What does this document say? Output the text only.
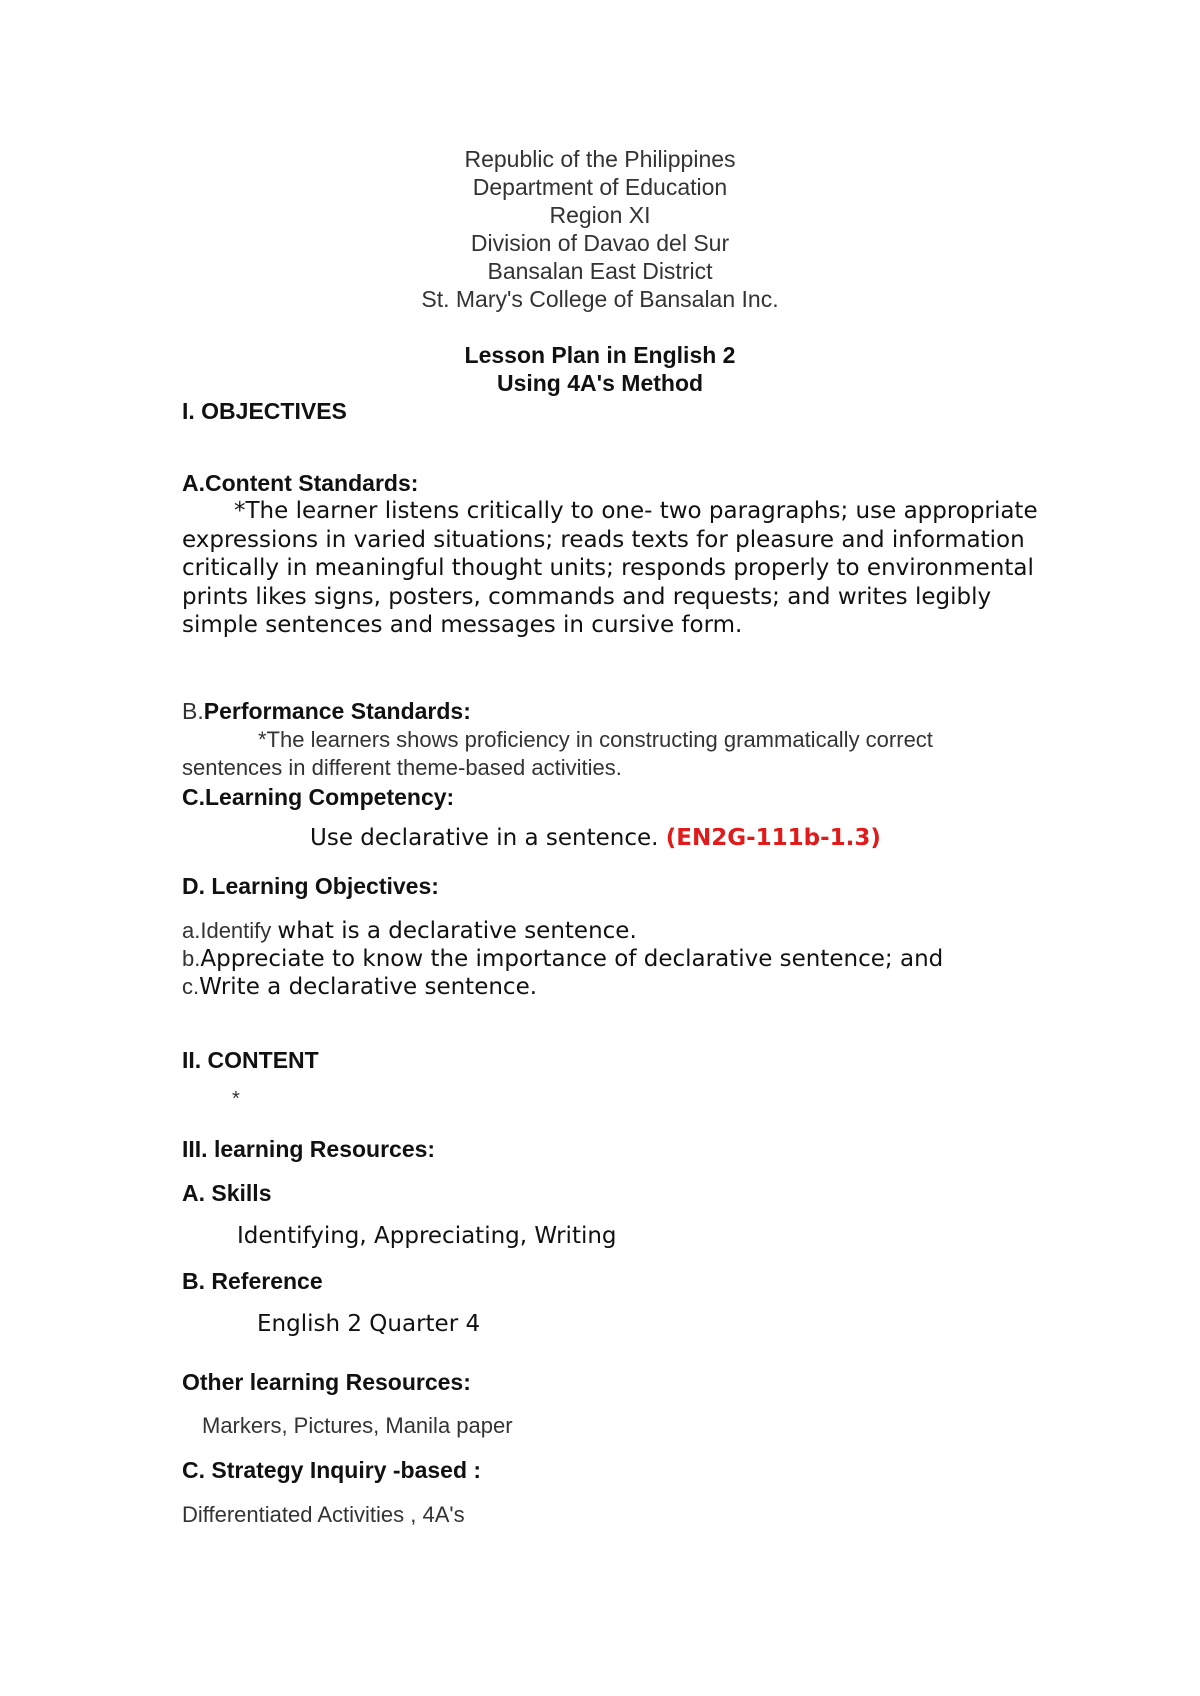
Republic of the Philippines
Department of Education
Region XI
Division of Davao del Sur
Bansalan East District
St. Mary's College of Bansalan Inc.
Lesson Plan in English 2
Using 4A's Method
I. OBJECTIVES
A.Content Standards:
*The learner listens critically to one- two paragraphs; use appropriate expressions in varied situations; reads texts for pleasure and information critically in meaningful thought units; responds properly to environmental prints likes signs, posters, commands and requests; and writes legibly simple sentences and messages in cursive form.
B.Performance Standards:
*The learners shows proficiency in constructing grammatically correct
sentences in different theme-based activities.
C.Learning Competency:
Use declarative in a sentence. (EN2G-111b-1.3)
D. Learning Objectives:
a.Identify what is a declarative sentence.
b.Appreciate to know the importance of declarative sentence; and
c.Write a declarative sentence.
II. CONTENT
*
III. learning Resources:
A. Skills
Identifying, Appreciating, Writing
B. Reference
English 2 Quarter 4
Other learning Resources:
Markers, Pictures, Manila paper
C. Strategy Inquiry -based :
Differentiated Activities , 4A's
